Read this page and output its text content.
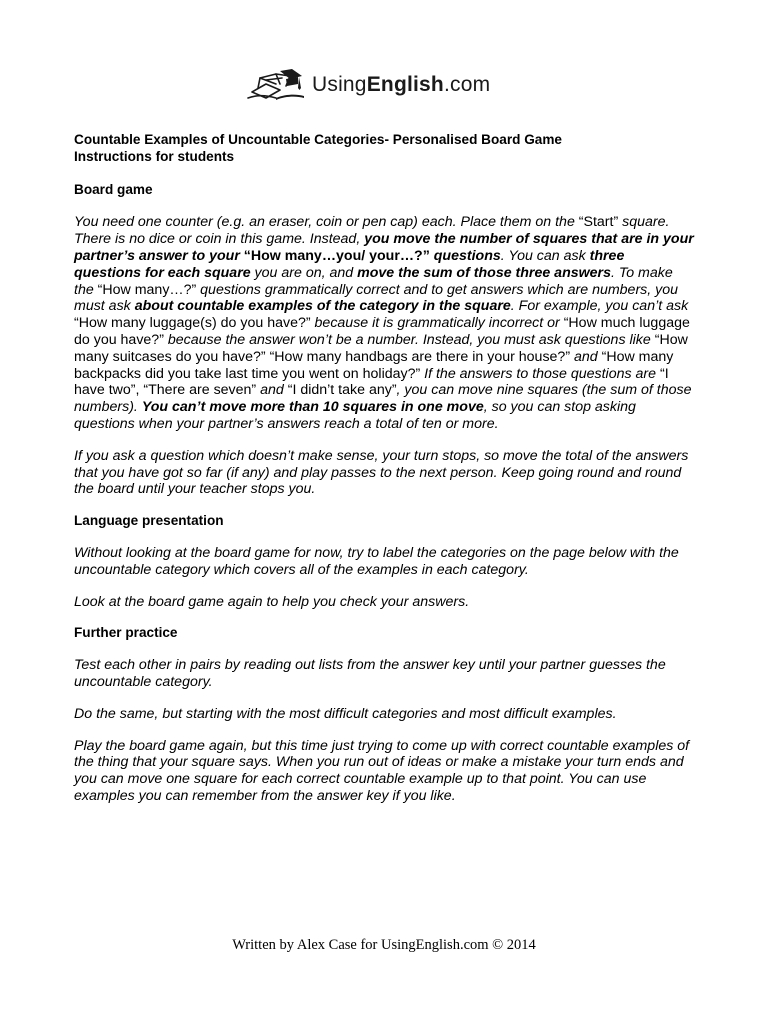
UsingEnglish.com
Countable Examples of Uncountable Categories- Personalised Board Game
Instructions for students
Board game

You need one counter (e.g. an eraser, coin or pen cap) each. Place them on the “Start” square. There is no dice or coin in this game. Instead, you move the number of squares that are in your partner’s answer to your “How many…you/ your…?” questions. You can ask three questions for each square you are on, and move the sum of those three answers. To make the “How many…?” questions grammatically correct and to get answers which are numbers, you must ask about countable examples of the category in the square. For example, you can’t ask “How many luggage(s) do you have?” because it is grammatically incorrect or “How much luggage do you have?” because the answer won’t be a number. Instead, you must ask questions like “How many suitcases do you have?” “How many handbags are there in your house?” and “How many backpacks did you take last time you went on holiday?” If the answers to those questions are “I have two”, “There are seven” and “I didn’t take any”, you can move nine squares (the sum of those numbers). You can’t move more than 10 squares in one move, so you can stop asking questions when your partner’s answers reach a total of ten or more.

If you ask a question which doesn’t make sense, your turn stops, so move the total of the answers that you have got so far (if any) and play passes to the next person. Keep going round and round the board until your teacher stops you.

Language presentation

Without looking at the board game for now, try to label the categories on the page below with the uncountable category which covers all of the examples in each category.

Look at the board game again to help you check your answers.

Further practice

Test each other in pairs by reading out lists from the answer key until your partner guesses the uncountable category.

Do the same, but starting with the most difficult categories and most difficult examples.

Play the board game again, but this time just trying to come up with correct countable examples of the thing that your square says. When you run out of ideas or make a mistake your turn ends and you can move one square for each correct countable example up to that point. You can use examples you can remember from the answer key if you like.

Written by Alex Case for UsingEnglish.com © 2014
